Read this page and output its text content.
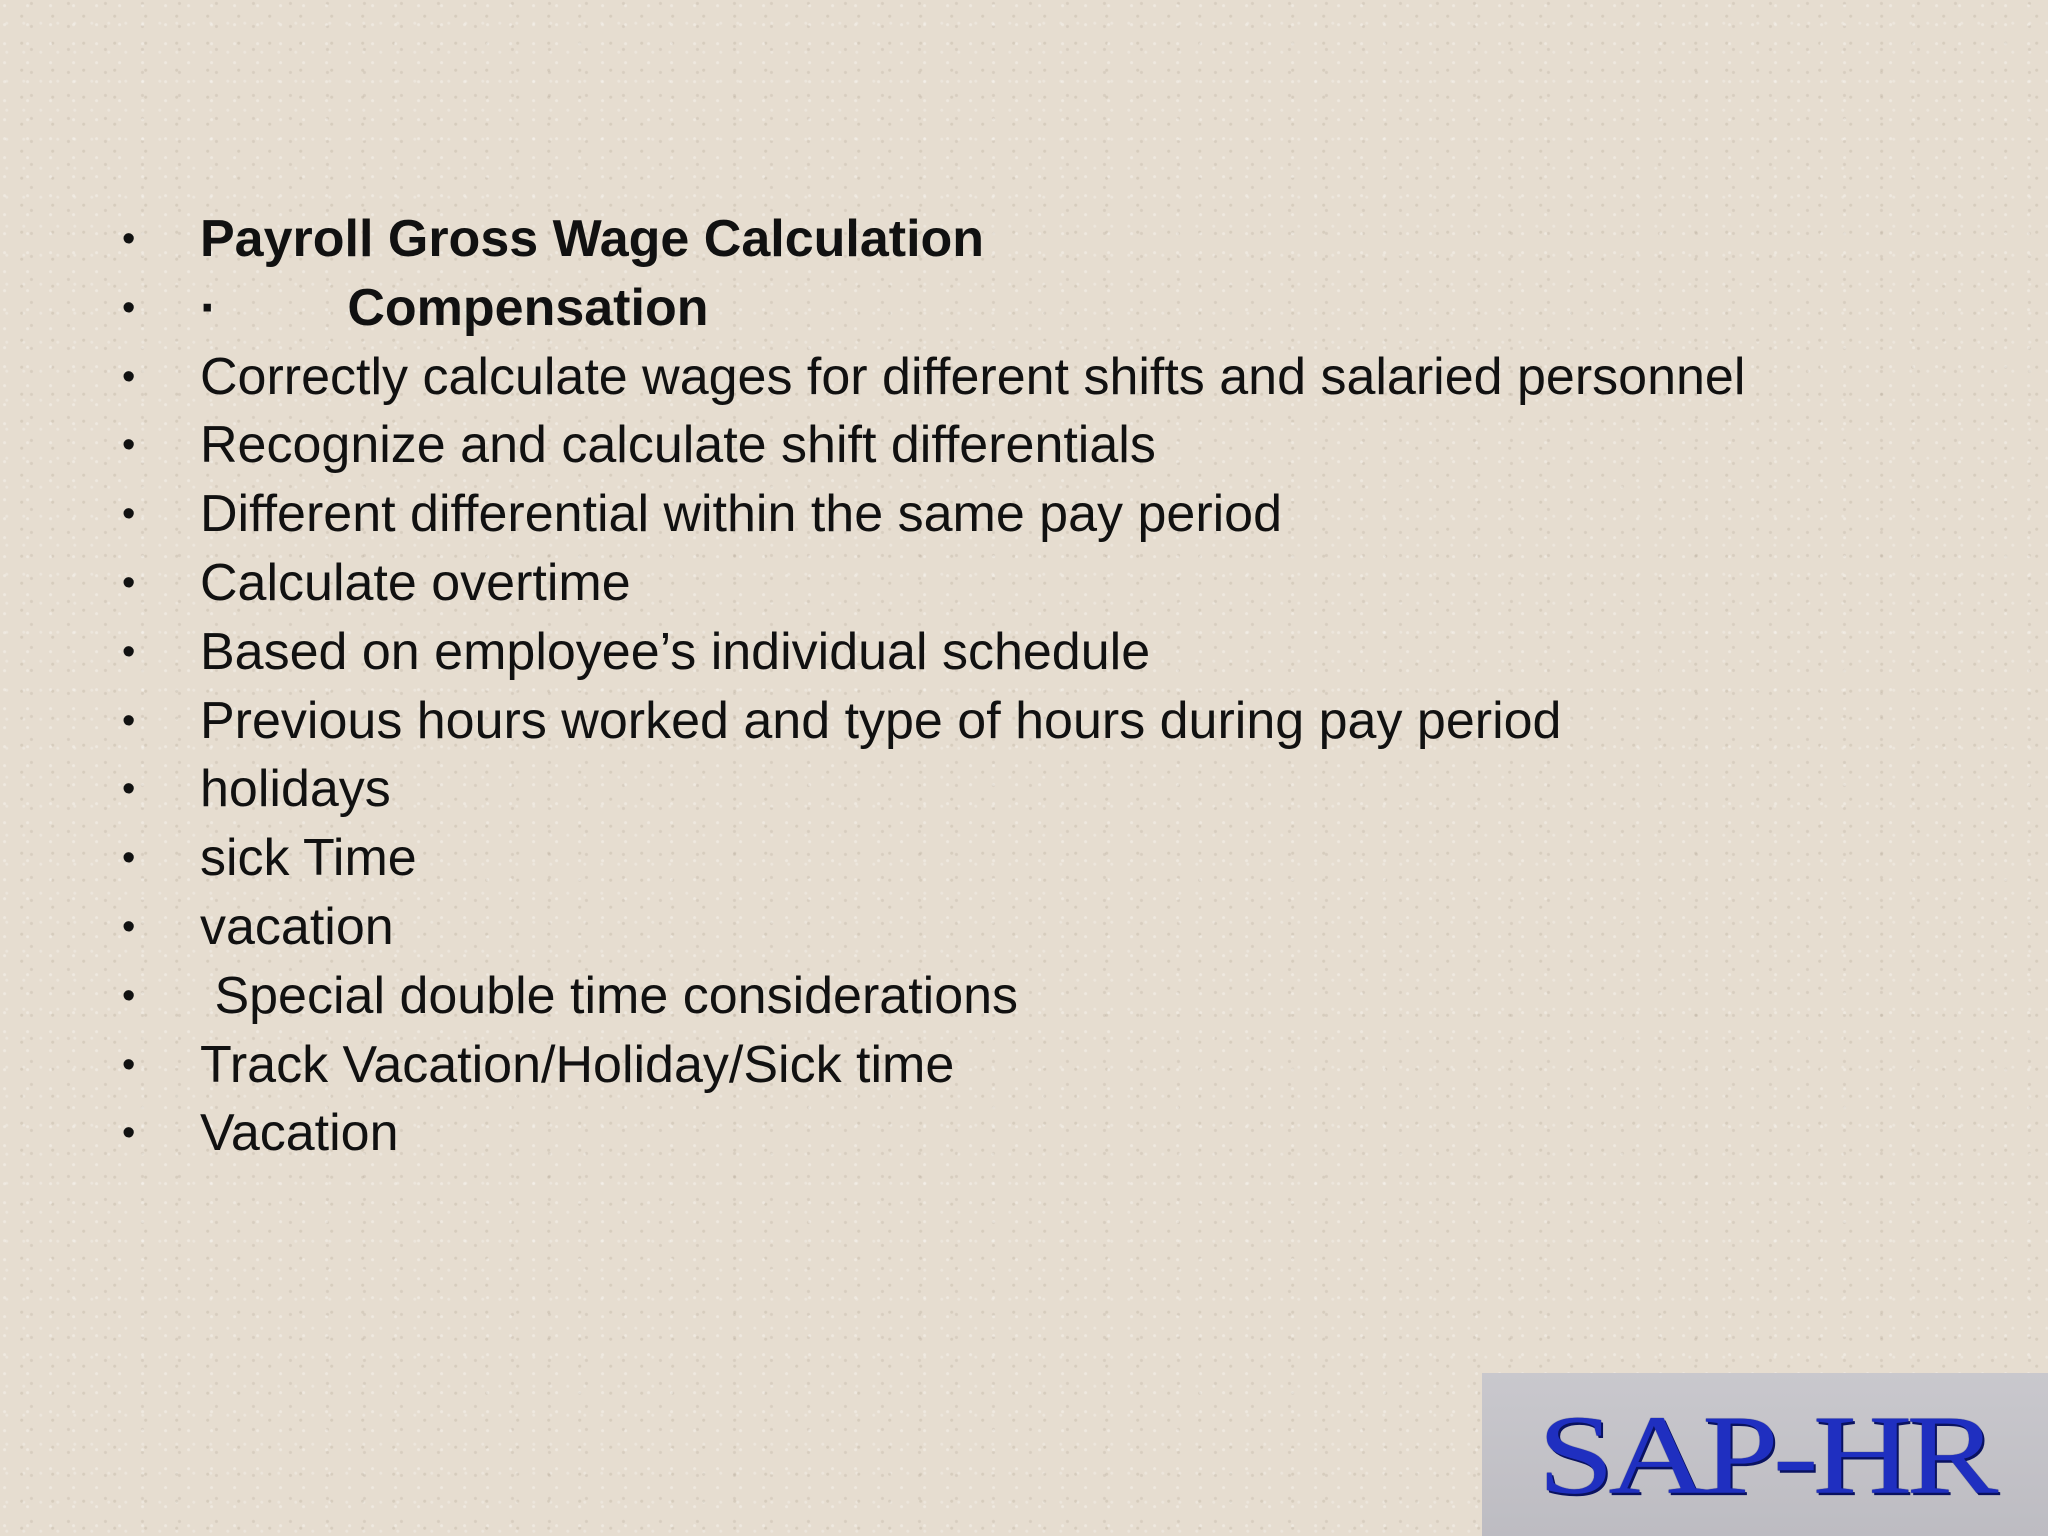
• Payroll Gross Wage Calculation
• ·         Compensation
• Correctly calculate wages for different shifts and salaried personnel
• Recognize and calculate shift differentials
• Different differential within the same pay period
• Calculate overtime
• Based on employee’s individual schedule
• Previous hours worked and type of hours during pay period
• holidays
• sick Time
• vacation
• Special double time considerations
• Track Vacation/Holiday/Sick time
• Vacation
SAP-HR
